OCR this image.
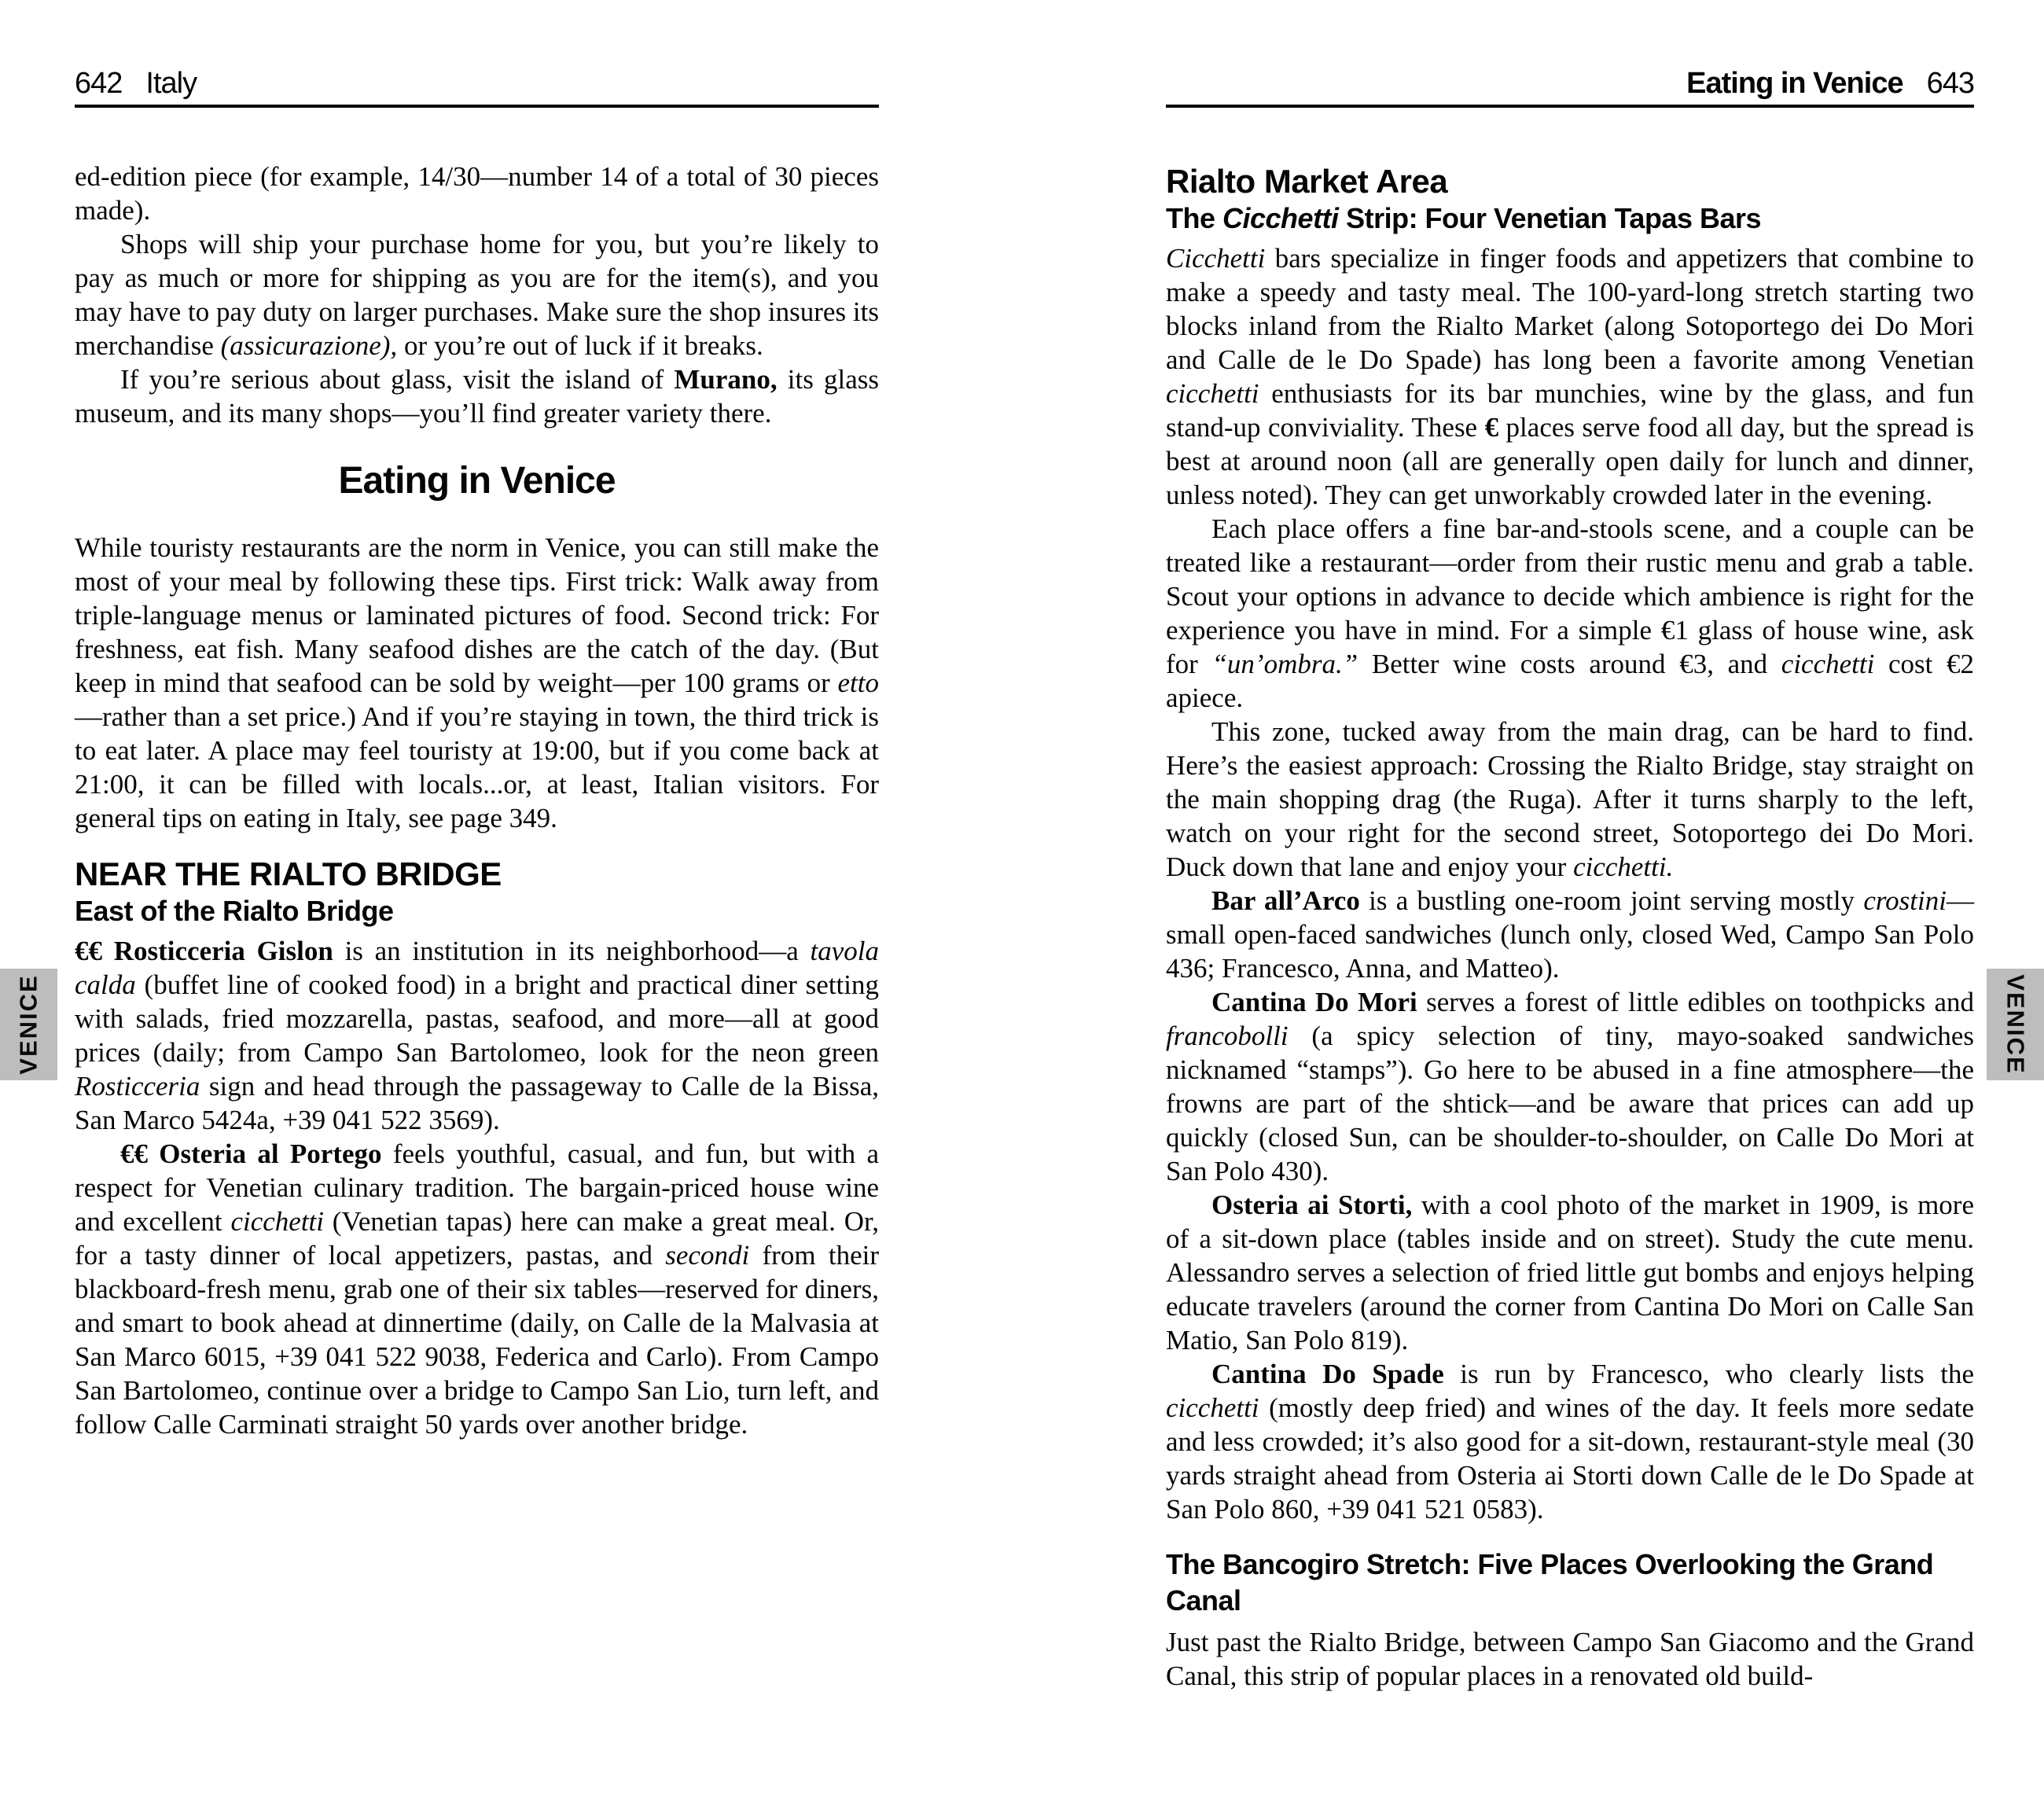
642 Italy

ed-edition piece (for example, 14/30—number 14 of a total of 30 pieces made).

Shops will ship your purchase home for you, but you’re likely to pay as much or more for shipping as you are for the item(s), and you may have to pay duty on larger purchases. Make sure the shop insures its merchandise (assicurazione), or you’re out of luck if it breaks.

If you’re serious about glass, visit the island of Murano, its glass museum, and its many shops—you’ll find greater variety there.

Eating in Venice

While touristy restaurants are the norm in Venice, you can still make the most of your meal by following these tips. First trick: Walk away from triple-language menus or laminated pictures of food. Second trick: For freshness, eat fish. Many seafood dishes are the catch of the day. (But keep in mind that seafood can be sold by weight—per 100 grams or etto—rather than a set price.) And if you’re staying in town, the third trick is to eat later. A place may feel touristy at 19:00, but if you come back at 21:00, it can be filled with locals...or, at least, Italian visitors. For general tips on eating in Italy, see page 349.

NEAR THE RIALTO BRIDGE
East of the Rialto Bridge

€€ Rosticceria Gislon is an institution in its neighborhood—a tavola calda (buffet line of cooked food) in a bright and practical diner setting with salads, fried mozzarella, pastas, seafood, and more—all at good prices (daily; from Campo San Bartolomeo, look for the neon green Rosticceria sign and head through the passageway to Calle de la Bissa, San Marco 5424a, +39 041 522 3569).

€€ Osteria al Portego feels youthful, casual, and fun, but with a respect for Venetian culinary tradition. The bargain-priced house wine and excellent cicchetti (Venetian tapas) here can make a great meal. Or, for a tasty dinner of local appetizers, pastas, and secondi from their blackboard-fresh menu, grab one of their six tables—reserved for diners, and smart to book ahead at dinnertime (daily, on Calle de la Malvasia at San Marco 6015, +39 041 522 9038, Federica and Carlo). From Campo San Bartolomeo, continue over a bridge to Campo San Lio, turn left, and follow Calle Carminati straight 50 yards over another bridge.

Eating in Venice 643
Rialto Market Area
The Cicchetti Strip: Four Venetian Tapas Bars

Cicchetti bars specialize in finger foods and appetizers that combine to make a speedy and tasty meal. The 100-yard-long stretch starting two blocks inland from the Rialto Market (along Sotoportego dei Do Mori and Calle de le Do Spade) has long been a favorite among Venetian cicchetti enthusiasts for its bar munchies, wine by the glass, and fun stand-up conviviality. These € places serve food all day, but the spread is best at around noon (all are generally open daily for lunch and dinner, unless noted). They can get unworkably crowded later in the evening.

Each place offers a fine bar-and-stools scene, and a couple can be treated like a restaurant—order from their rustic menu and grab a table. Scout your options in advance to decide which ambience is right for the experience you have in mind. For a simple €1 glass of house wine, ask for “un’ombra.” Better wine costs around €3, and cicchetti cost €2 apiece.

This zone, tucked away from the main drag, can be hard to find. Here’s the easiest approach: Crossing the Rialto Bridge, stay straight on the main shopping drag (the Ruga). After it turns sharply to the left, watch on your right for the second street, Sotoportego dei Do Mori. Duck down that lane and enjoy your cicchetti.

Bar all’Arco is a bustling one-room joint serving mostly crostini—small open-faced sandwiches (lunch only, closed Wed, Campo San Polo 436; Francesco, Anna, and Matteo).

Cantina Do Mori serves a forest of little edibles on toothpicks and francobolli (a spicy selection of tiny, mayo-soaked sandwiches nicknamed “stamps”). Go here to be abused in a fine atmosphere—the frowns are part of the shtick—and be aware that prices can add up quickly (closed Sun, can be shoulder-to-shoulder, on Calle Do Mori at San Polo 430).

Osteria ai Storti, with a cool photo of the market in 1909, is more of a sit-down place (tables inside and on street). Study the cute menu. Alessandro serves a selection of fried little gut bombs and enjoys helping educate travelers (around the corner from Cantina Do Mori on Calle San Matio, San Polo 819).

Cantina Do Spade is run by Francesco, who clearly lists the cicchetti (mostly deep fried) and wines of the day. It feels more sedate and less crowded; it’s also good for a sit-down, restaurant-style meal (30 yards straight ahead from Osteria ai Storti down Calle de le Do Spade at San Polo 860, +39 041 521 0583).

The Bancogiro Stretch: Five Places Overlooking the Grand Canal

Just past the Rialto Bridge, between Campo San Giacomo and the Grand Canal, this strip of popular places in a renovated old build-

VENICE	VENICE
